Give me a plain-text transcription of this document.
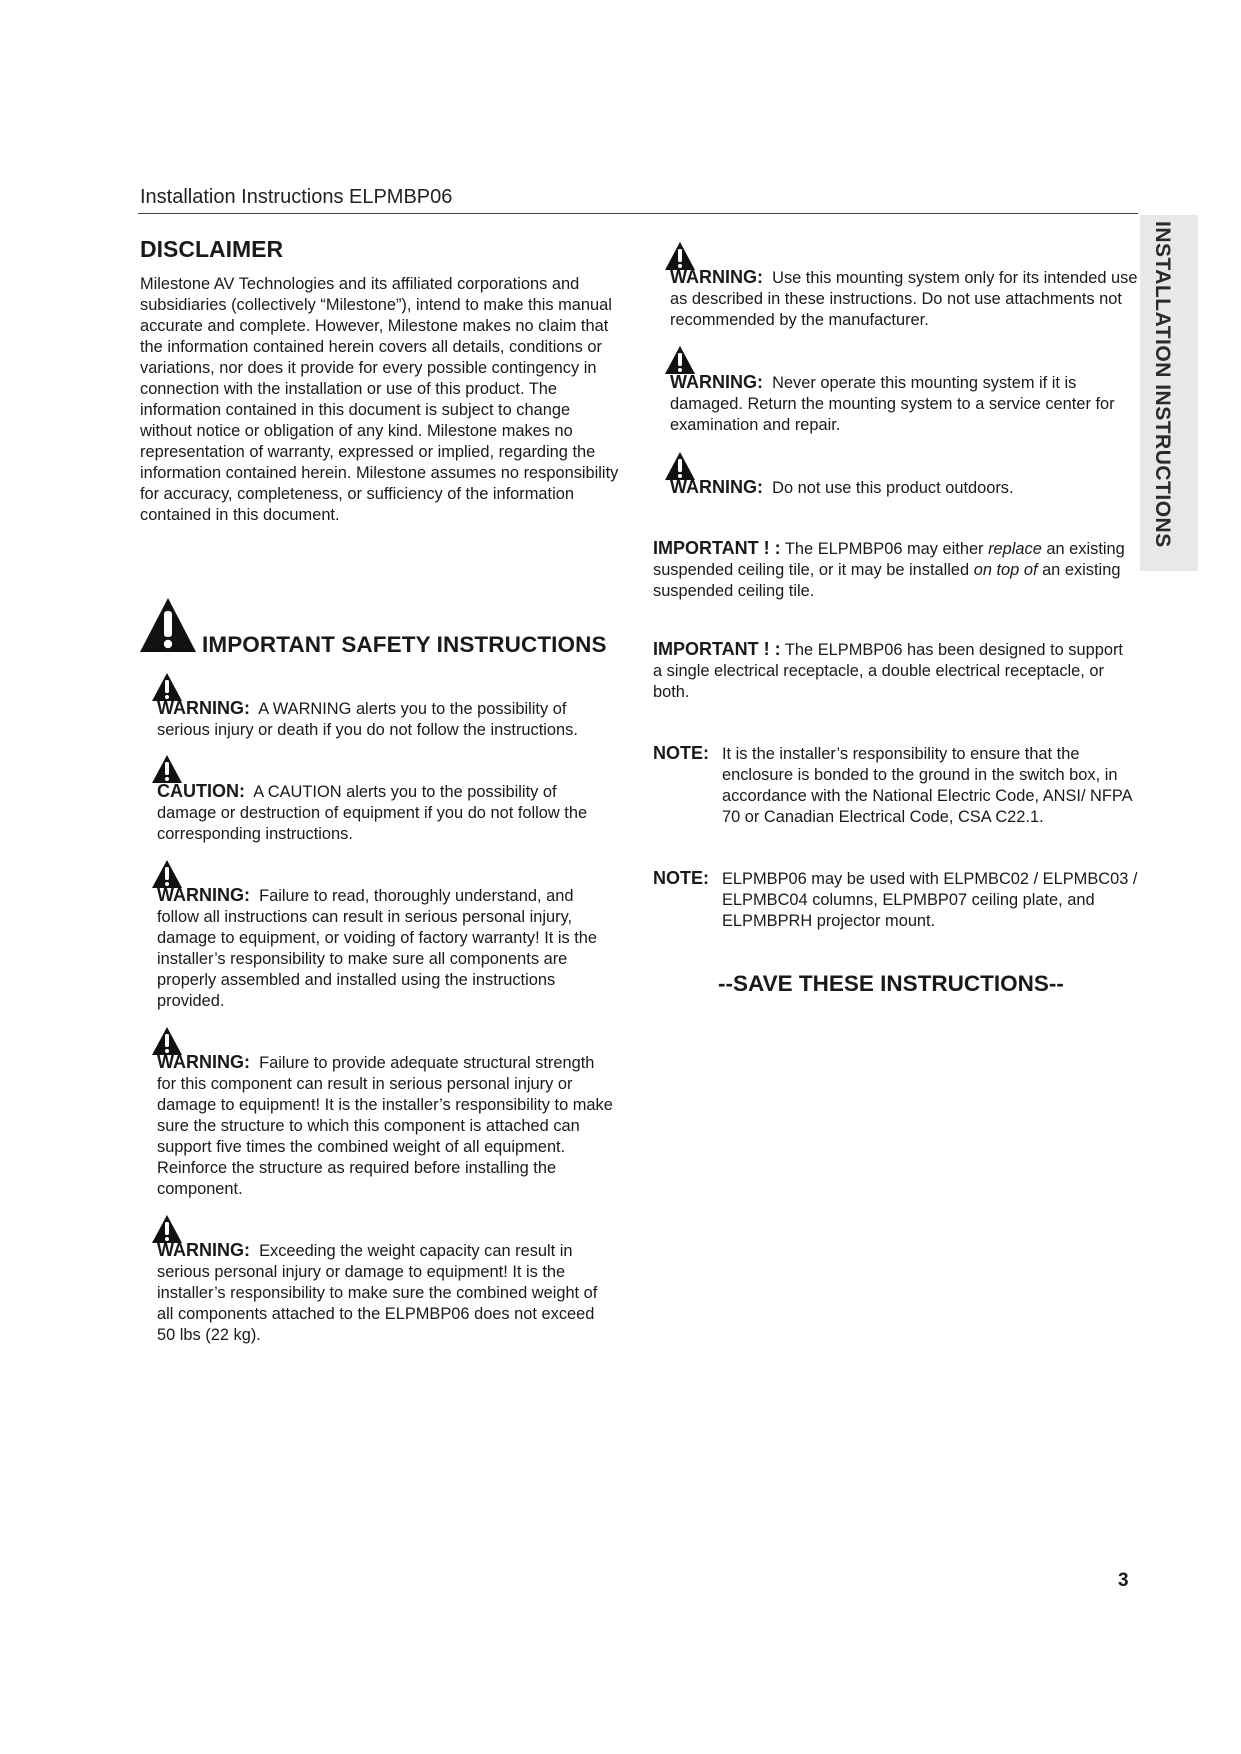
Installation Instructions ELPMBP06
INSTALLATION INSTRUCTIONS
DISCLAIMER
Milestone AV Technologies and its affiliated corporations and subsidiaries (collectively “Milestone”), intend to make this manual accurate and complete. However, Milestone makes no claim that the information contained herein covers all details, conditions or variations, nor does it provide for every possible contingency in connection with the installation or use of this product. The information contained in this document is subject to change without notice or obligation of any kind. Milestone makes no representation of warranty, expressed or implied, regarding the information contained herein. Milestone assumes no responsibility for accuracy, completeness, or sufficiency of the information contained in this document.
IMPORTANT SAFETY INSTRUCTIONS
WARNING: A WARNING alerts you to the possibility of serious injury or death if you do not follow the instructions.
CAUTION: A CAUTION alerts you to the possibility of damage or destruction of equipment if you do not follow the corresponding instructions.
WARNING: Failure to read, thoroughly understand, and follow all instructions can result in serious personal injury, damage to equipment, or voiding of factory warranty! It is the installer’s responsibility to make sure all components are properly assembled and installed using the instructions provided.
WARNING: Failure to provide adequate structural strength for this component can result in serious personal injury or damage to equipment! It is the installer’s responsibility to make sure the structure to which this component is attached can support five times the combined weight of all equipment. Reinforce the structure as required before installing the component.
WARNING: Exceeding the weight capacity can result in serious personal injury or damage to equipment! It is the installer’s responsibility to make sure the combined weight of all components attached to the ELPMBP06 does not exceed 50 lbs (22 kg).
WARNING: Use this mounting system only for its intended use as described in these instructions. Do not use attachments not recommended by the manufacturer.
WARNING: Never operate this mounting system if it is damaged. Return the mounting system to a service center for examination and repair.
WARNING: Do not use this product outdoors.
IMPORTANT ! : The ELPMBP06 may either replace an existing suspended ceiling tile, or it may be installed on top of an existing suspended ceiling tile.
IMPORTANT ! : The ELPMBP06 has been designed to support a single electrical receptacle, a double electrical receptacle, or both.
NOTE: It is the installer’s responsibility to ensure that the enclosure is bonded to the ground in the switch box, in accordance with the National Electric Code, ANSI/ NFPA 70 or Canadian Electrical Code, CSA C22.1.
NOTE: ELPMBP06 may be used with ELPMBC02 / ELPMBC03 / ELPMBC04 columns, ELPMBP07 ceiling plate, and ELPMBPRH projector mount.
--SAVE THESE INSTRUCTIONS--
3
